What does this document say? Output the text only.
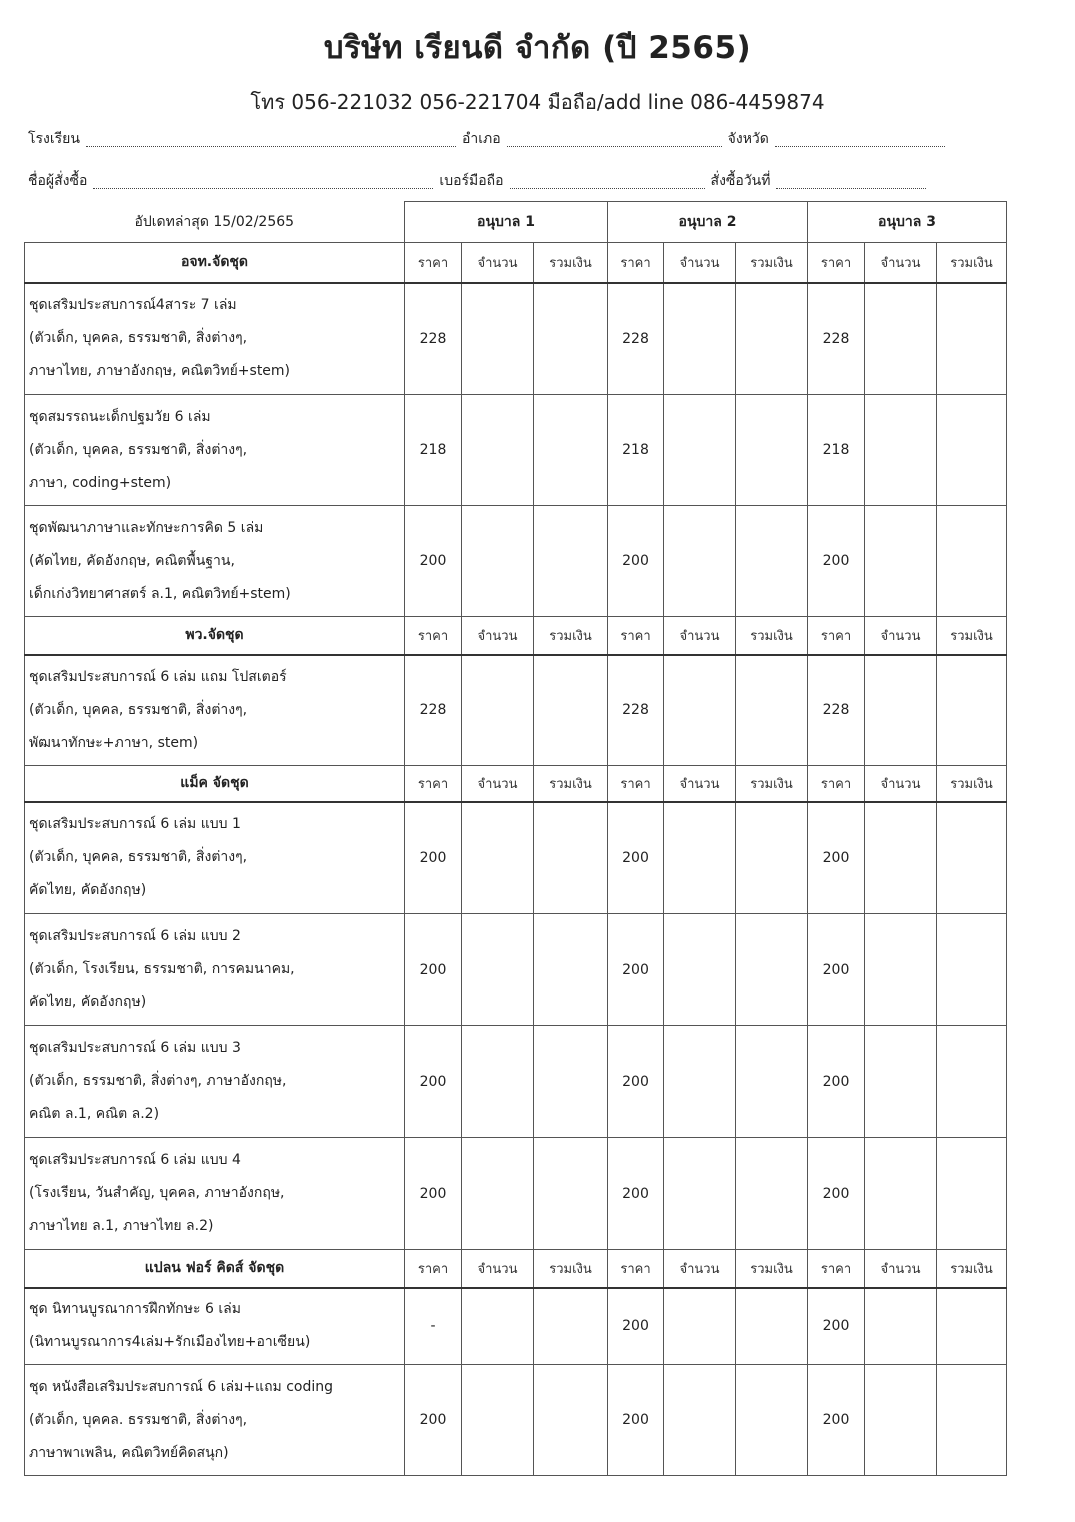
บริษัท เรียนดี จำกัด (ปี 2565)
โทร 056-221032 056-221704 มือถือ/add line 086-4459874
โรงเรียน	อำเภอ	จังหวัด
ชื่อผู้สั่งซื้อ	เบอร์มือถือ	สั่งซื้อวันที่
อัปเดทล่าสุด 15/02/2565	อนุบาล 1			อนุบาล 2			อนุบาล 3		
อจท.จัดชุด	ราคา	จำนวน	รวมเงิน	ราคา	จำนวน	รวมเงิน	ราคา	จำนวน	รวมเงิน

ชุดเสริมประสบการณ์4สาระ 7 เล่ม
(ตัวเด็ก, บุคคล, ธรรมชาติ, สิ่งต่างๆ,
ภาษาไทย, ภาษาอังกฤษ, คณิตวิทย์+stem)	228			228			228		

ชุดสมรรถนะเด็กปฐมวัย 6 เล่ม
(ตัวเด็ก, บุคคล, ธรรมชาติ, สิ่งต่างๆ,
ภาษา, coding+stem)	218			218			218		

ชุดพัฒนาภาษาและทักษะการคิด 5 เล่ม
(คัดไทย, คัดอังกฤษ, คณิตพื้นฐาน,
เด็กเก่งวิทยาศาสตร์ ล.1, คณิตวิทย์+stem)	200			200			200		
พว.จัดชุด	ราคา	จำนวน	รวมเงิน	ราคา	จำนวน	รวมเงิน	ราคา	จำนวน	รวมเงิน

ชุดเสริมประสบการณ์ 6 เล่ม แถม โปสเตอร์
(ตัวเด็ก, บุคคล, ธรรมชาติ, สิ่งต่างๆ,
พัฒนาทักษะ+ภาษา, stem)	228			228			228		
แม็ค จัดชุด	ราคา	จำนวน	รวมเงิน	ราคา	จำนวน	รวมเงิน	ราคา	จำนวน	รวมเงิน

ชุดเสริมประสบการณ์ 6 เล่ม แบบ 1
(ตัวเด็ก, บุคคล, ธรรมชาติ, สิ่งต่างๆ,
คัดไทย, คัดอังกฤษ)	200			200			200		

ชุดเสริมประสบการณ์ 6 เล่ม แบบ 2
(ตัวเด็ก, โรงเรียน, ธรรมชาติ, การคมนาคม,
คัดไทย, คัดอังกฤษ)	200			200			200		

ชุดเสริมประสบการณ์ 6 เล่ม แบบ 3
(ตัวเด็ก, ธรรมชาติ, สิ่งต่างๆ, ภาษาอังกฤษ,
คณิต ล.1, คณิต ล.2)	200			200			200		

ชุดเสริมประสบการณ์ 6 เล่ม แบบ 4
(โรงเรียน, วันสำคัญ, บุคคล, ภาษาอังกฤษ,
ภาษาไทย ล.1, ภาษาไทย ล.2)	200			200			200		
แปลน ฟอร์ คิดส์ จัดชุด	ราคา	จำนวน	รวมเงิน	ราคา	จำนวน	รวมเงิน	ราคา	จำนวน	รวมเงิน

ชุด นิทานบูรณาการฝึกทักษะ 6 เล่ม
(นิทานบูรณาการ4เล่ม+รักเมืองไทย+อาเซียน)	-			200			200		

ชุด หนังสือเสริมประสบการณ์ 6 เล่ม+แถม coding
(ตัวเด็ก, บุคคล. ธรรมชาติ, สิ่งต่างๆ,
ภาษาพาเพลิน, คณิตวิทย์คิดสนุก)	200			200			200		
